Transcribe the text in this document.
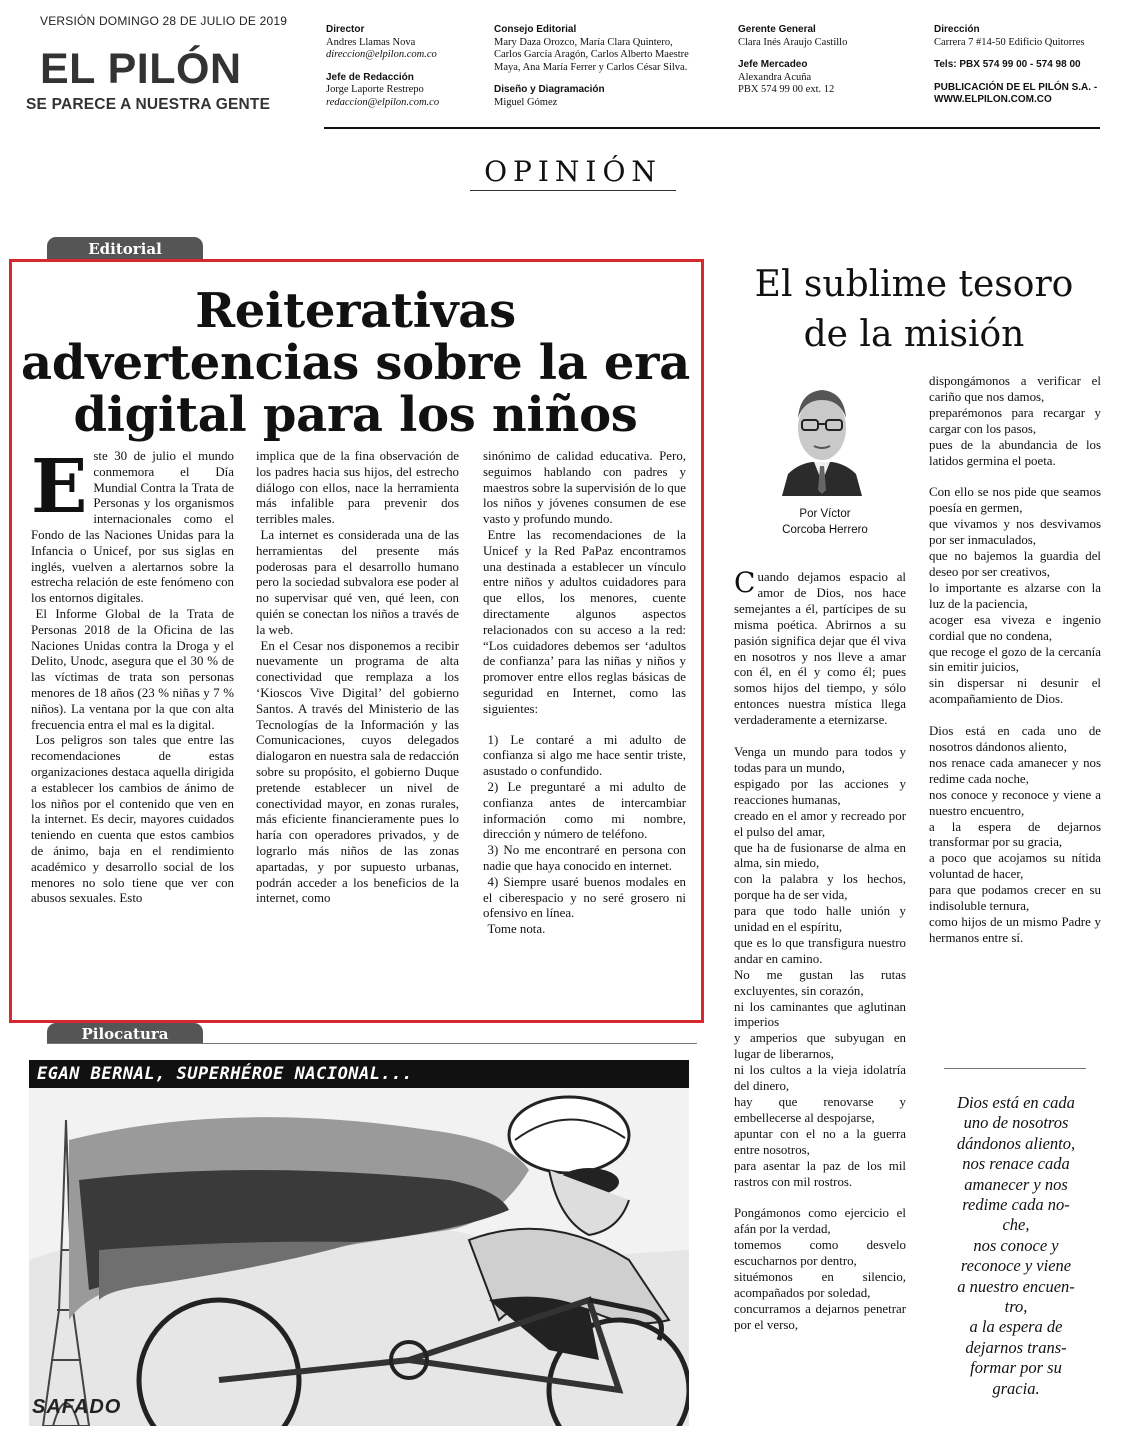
VERSIÓN DOMINGO 28 DE JULIO DE 2019
EL PILÓN
SE PARECE A NUESTRA GENTE
Director
Andres Llamas Nova
direccion@elpilon.com.co
Jefe de Redacción
Jorge Laporte Restrepo
redaccion@elpilon.com.co
Consejo Editorial
Mary Daza Orozco, María Clara Quintero,
Carlos García Aragón, Carlos Alberto Maestre
Maya, Ana María Ferrer y Carlos César Silva.
Diseño y Diagramación
Miguel Gómez
Gerente General
Clara Inés Araujo Castillo
Jefe Mercadeo
Alexandra Acuña
PBX 574 99 00 ext. 12
Dirección
Carrera 7 #14-50 Edificio Quitorres
Tels: PBX 574 99 00 - 574 98 00
PUBLICACIÓN DE EL PILÓN S.A. -
WWW.ELPILON.COM.CO
OPINIÓN
Editorial
Reiterativas
advertencias sobre la era
digital para los niños

Este 30 de julio el mundo conmemora el Día Mundial Contra la Trata de Personas y los organismos internacionales como el Fondo de las Naciones Unidas para la Infancia o Unicef, por sus siglas en inglés, vuelven a alertarnos sobre la estrecha relación de este fenómeno con los entornos digitales.

El Informe Global de la Trata de Personas 2018 de la Oficina de las Naciones Unidas contra la Droga y el Delito, Unodc, asegura que el 30 % de las víctimas de trata son personas menores de 18 años (23 % niñas y 7 % niños). La ventana por la que con alta frecuencia entra el mal es la digital.

Los peligros son tales que entre las recomendaciones de estas organizaciones destaca aquella dirigida a establecer los cambios de ánimo de los niños por el contenido que ven en la internet. Es decir, mayores cuidados teniendo en cuenta que estos cambios de ánimo, baja en el rendimiento académico y desarrollo social de los menores no solo tiene que ver con abusos sexuales. Esto

implica que de la fina observación de los padres hacia sus hijos, del estrecho diálogo con ellos, nace la herramienta más infalible para prevenir dos terribles males.

La internet es considerada una de las herramientas del presente más poderosas para el desarrollo humano pero la sociedad subvalora ese poder al no supervisar qué ven, qué leen, con quién se conectan los niños a través de la web.

En el Cesar nos disponemos a recibir nuevamente un programa de alta conectividad que remplaza a los ‘Kioscos Vive Digital’ del gobierno Santos. A través del Ministerio de las Tecnologías de la Información y las Comunicaciones, cuyos delegados dialogaron en nuestra sala de redacción sobre su propósito, el gobierno Duque pretende establecer un nivel de conectividad mayor, en zonas rurales, más eficiente financieramente pues lo haría con operadores privados, y de lograrlo más niños de las zonas apartadas, y por supuesto urbanas, podrán acceder a los beneficios de la internet, como

sinónimo de calidad educativa. Pero, seguimos hablando con padres y maestros sobre la supervisión de lo que los niños y jóvenes consumen de ese vasto y profundo mundo.

Entre las recomendaciones de la Unicef y la Red PaPaz encontramos una destinada a establecer un vínculo entre niños y adultos cuidadores para que ellos, los menores, cuente directamente algunos aspectos relacionados con su acceso a la red: “Los cuidadores debemos ser ‘adultos de confianza’ para las niñas y niños y promover entre ellos reglas básicas de seguridad en Internet, como las siguientes:

1) Le contaré a mi adulto de confianza si algo me hace sentir triste, asustado o confundido.

2) Le preguntaré a mi adulto de confianza antes de intercambiar información como mi nombre, dirección y número de teléfono.

3) No me encontraré en persona con nadie que haya conocido en internet.

4) Siempre usaré buenos modales en el ciberespacio y no seré grosero ni ofensivo en línea.

Tome nota.

El sublime tesoro
de la misión
Por Víctor
Corcoba Herrero

Cuando dejamos espacio al amor de Dios, nos hace semejantes a él, partícipes de su misma poética. Abrirnos a su pasión significa dejar que él viva en nosotros y nos lleve a amar con él, en él y como él; pues somos hijos del tiempo, y sólo entonces nuestra mística llega verdaderamente a eternizarse.

Venga un mundo para todos y todas para un mundo,

espigado por las acciones y reacciones humanas,

creado en el amor y recreado por el pulso del amar,

que ha de fusionarse de alma en alma, sin miedo,

con la palabra y los hechos, porque ha de ser vida,

para que todo halle unión y unidad en el espíritu,

que es lo que transfigura nuestro andar en camino.

No me gustan las rutas excluyentes, sin corazón,

ni los caminantes que aglutinan imperios

y amperios que subyugan en lugar de liberarnos,

ni los cultos a la vieja idolatría del dinero,

hay que renovarse y embellecerse al despojarse,

apuntar con el no a la guerra entre nosotros,

para asentar la paz de los mil rastros con mil rostros.

Pongámonos como ejercicio el afán por la verdad,

tomemos como desvelo escucharnos por dentro,

situémonos en silencio, acompañados por soledad,

concurramos a dejarnos penetrar por el verso,

dispongámonos a verificar el cariño que nos damos,

preparémonos para recargar y cargar con los pasos,

pues de la abundancia de los latidos germina el poeta.

Con ello se nos pide que seamos poesía en germen,

que vivamos y nos desvivamos por ser inmaculados,

que no bajemos la guardia del deseo por ser creativos,

lo importante es alzarse con la luz de la paciencia,

acoger esa viveza e ingenio cordial que no condena,

que recoge el gozo de la cercanía sin emitir juicios,

sin dispersar ni desunir el acompañamiento de Dios.

Dios está en cada uno de nosotros dándonos aliento,

nos renace cada amanecer y nos redime cada noche,

nos conoce y reconoce y viene a nuestro encuentro,

a la espera de dejarnos transformar por su gracia,

a poco que acojamos su nítida voluntad de hacer,

para que podamos crecer en su indisoluble ternura,

como hijos de un mismo Padre y hermanos entre sí.

Dios está en cada
uno de nosotros
dándonos aliento,
nos renace cada
amanecer y nos
redime cada no-
che,
nos conoce y
reconoce y viene
a nuestro encuen-
tro,
a la espera de
dejarnos trans-
formar por su
gracia.
Pilocatura
EGAN BERNAL, SUPERHÉROE NACIONAL...
SAFADO
